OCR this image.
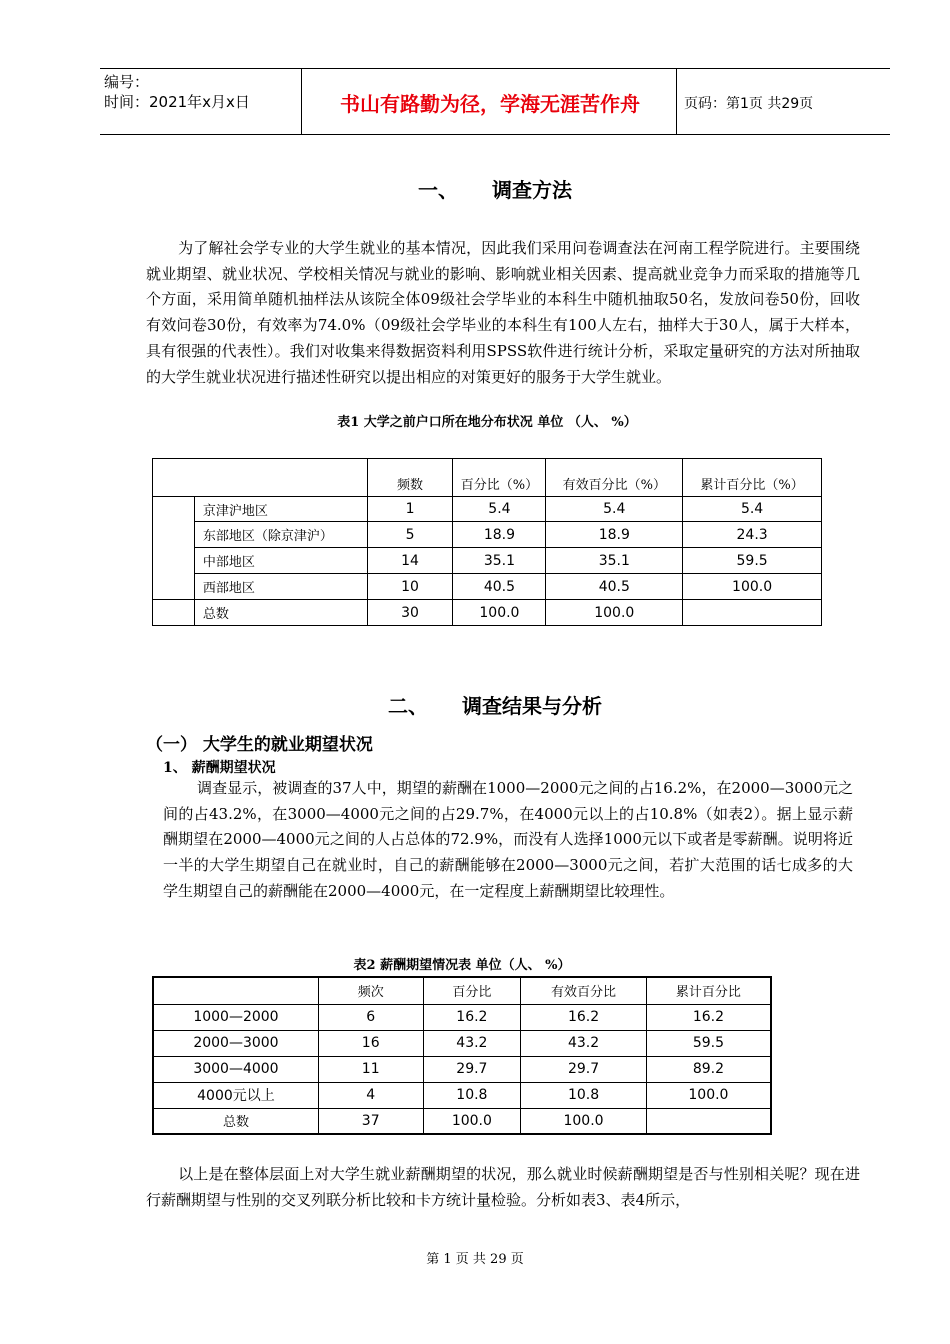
编号：
时间：2021年x月x日	书山有路勤为径，学海无涯苦作舟	页码：第1页 共29页
一、 调查方法

为了解社会学专业的大学生就业的基本情况，因此我们采用问卷调查法在河南工程学院进行。主要围绕就业期望、就业状况、学校相关情况与就业的影响、影响就业相关因素、提高就业竞争力而采取的措施等几个方面，采用简单随机抽样法从该院全体09级社会学毕业的本科生中随机抽取50名，发放问卷50份，回收有效问卷30份，有效率为74.0%（09级社会学毕业的本科生有100人左右，抽样大于30人，属于大样本，具有很强的代表性）。我们对收集来得数据资料利用SPSS软件进行统计分析，采取定量研究的方法对所抽取的大学生就业状况进行描述性研究以提出相应的对策更好的服务于大学生就业。

表1 大学之前户口所在地分布状况 单位 （人、 %）
		频数	百分比（%）	有效百分比（%）	累计百分比（%）
	京津沪地区	1	5.4	5.4	5.4
	东部地区（除京津沪）	5	18.9	18.9	24.3
	中部地区	14	35.1	35.1	59.5
	西部地区	10	40.5	40.5	100.0
	总数	30	100.0	100.0	
二、 调查结果与分析
（一） 大学生的就业期望状况
1、 薪酬期望状况

调查显示，被调查的37人中，期望的薪酬在1000—2000元之间的占16.2%，在2000—3000元之间的占43.2%，在3000—4000元之间的占29.7%，在4000元以上的占10.8%（如表2）。据上显示薪酬期望在2000—4000元之间的人占总体的72.9%，而没有人选择1000元以下或者是零薪酬。说明将近一半的大学生期望自己在就业时，自己的薪酬能够在2000—3000元之间，若扩大范围的话七成多的大学生期望自己的薪酬能在2000—4000元，在一定程度上薪酬期望比较理性。

表2 薪酬期望情况表 单位（人、 %）
	频次	百分比	有效百分比	累计百分比
1000—2000	6	16.2	16.2	16.2
2000—3000	16	43.2	43.2	59.5
3000—4000	11	29.7	29.7	89.2
4000元以上	4	10.8	10.8	100.0
总数	37	100.0	100.0	

以上是在整体层面上对大学生就业薪酬期望的状况，那么就业时候薪酬期望是否与性别相关呢？现在进行薪酬期望与性别的交叉列联分析比较和卡方统计量检验。分析如表3、表4所示，

第 1 页 共 29 页
